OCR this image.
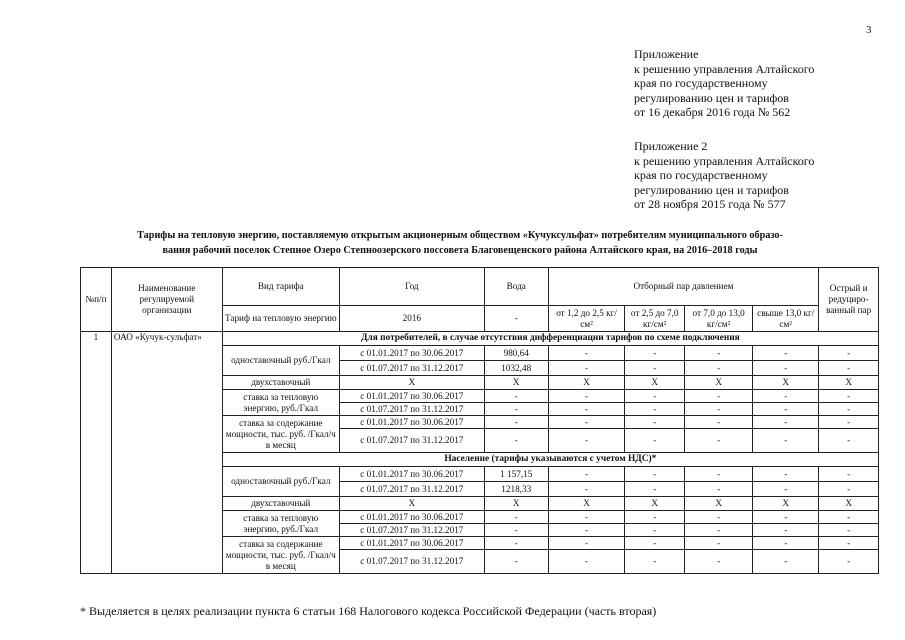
3
Приложение
к решению управления Алтайского
края по государственному
регулированию цен и тарифов
от 16 декабря 2016 года № 562
Приложение 2
к решению управления Алтайского
края по государственному
регулированию цен и тарифов
от 28 ноября 2015 года № 577
Тарифы на тепловую энергию, поставляемую открытым акционерным обществом «Кучуксульфат» потребителям муниципального образо-
вания рабочий поселок Степное Озеро Степноозерского поссовета Благовещенского района Алтайского края, на 2016–2018 годы
№п/п	Наименование регулируемой организации	Вид тарифа	Год	Вода	Отборный пар давлением				Острый и редуциро-ванный пар
		Тариф на тепловую энергию	2016	-	от 1,2 до 2,5 кг/см²	от 2,5 до 7,0 кг/см²	от 7,0 до 13,0 кг/см²	свыше 13,0 кг/см²	
1	ОАО «Кучук-сульфат»	Для потребителей, в случае отсутствия дифференциации тарифов по схеме подключения							
		одноставочный руб./Гкал	с 01.01.2017 по 30.06.2017	980,64	-	-	-	-	-
			с 01.07.2017 по 31.12.2017	1032,48	-	-	-	-	-
		двухставочный	X	X	X	X	X	X	X
		ставка за тепловую энергию, руб./Гкал	с 01.01.2017 по 30.06.2017	-	-	-	-	-	-
			с 01.07.2017 по 31.12.2017	-	-	-	-	-	-
		ставка за содержание мощности, тыс. руб. /Гкал/ч в месяц	с 01.01.2017 по 30.06.2017	-	-	-	-	-	-
			с 01.07.2017 по 31.12.2017	-	-	-	-	-	-
		Население (тарифы указываются с учетом НДС)*							
		одноставочный руб./Гкал	с 01.01.2017 по 30.06.2017	1 157,15	-	-	-	-	-
			с 01.07.2017 по 31.12.2017	1218,33	-	-	-	-	-
		двухставочный	X	X	X	X	X	X	X
		ставка за тепловую энергию, руб./Гкал	с 01.01.2017 по 30.06.2017	-	-	-	-	-	-
			с 01.07.2017 по 31.12.2017	-	-	-	-	-	-
		ставка за содержание мощности, тыс. руб. /Гкал/ч в месяц	с 01.01.2017 по 30.06.2017	-	-	-	-	-	-
			с 01.07.2017 по 31.12.2017	-	-	-	-	-	-
* Выделяется в целях реализации пункта 6 статьи 168 Налогового кодекса Российской Федерации (часть вторая)
